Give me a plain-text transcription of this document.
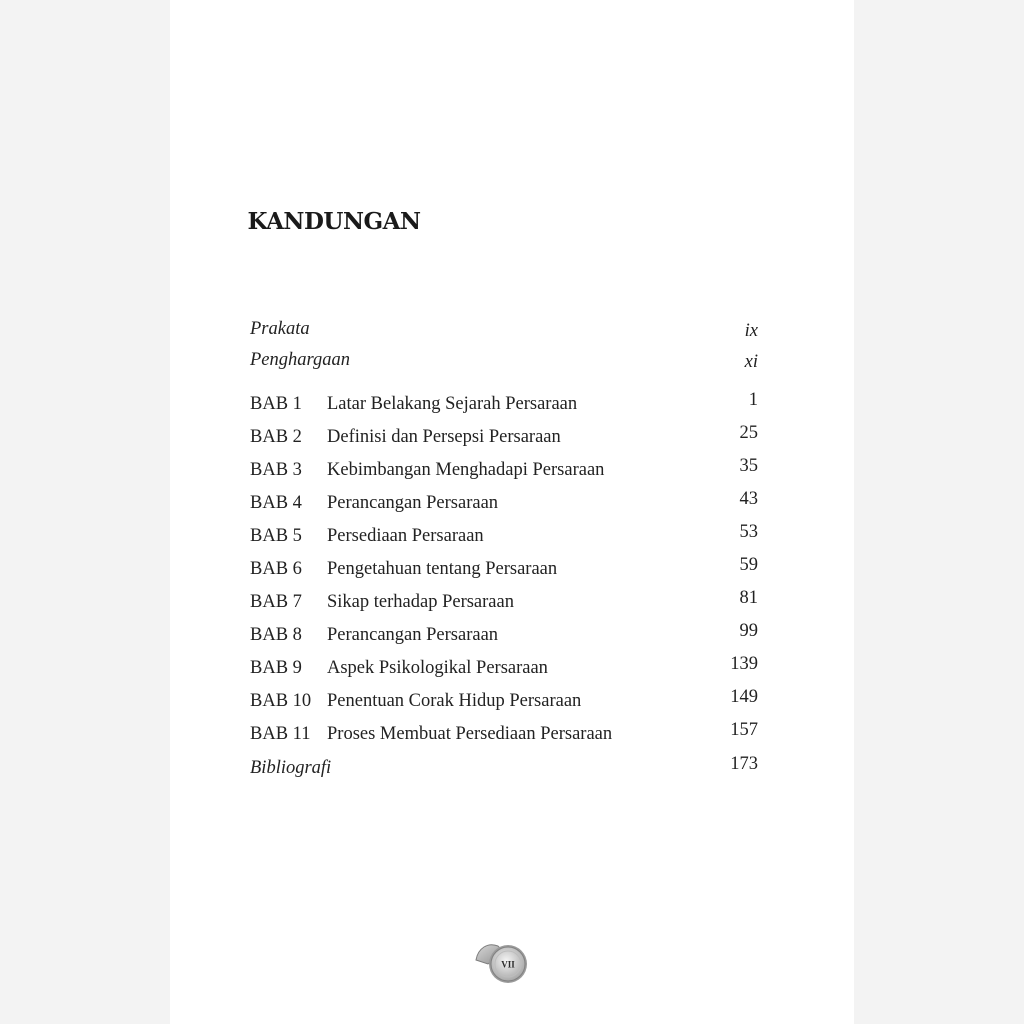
KANDUNGAN
Prakata	ix
Penghargaan	xi
BAB 1 Latar Belakang Sejarah Persaraan	1
BAB 2 Definisi dan Persepsi Persaraan	25
BAB 3 Kebimbangan Menghadapi Persaraan	35
BAB 4 Perancangan Persaraan	43
BAB 5 Persediaan Persaraan	53
BAB 6 Pengetahuan tentang Persaraan	59
BAB 7 Sikap terhadap Persaraan	81
BAB 8 Perancangan Persaraan	99
BAB 9 Aspek Psikologikal Persaraan	139
BAB 10 Penentuan Corak Hidup Persaraan	149
BAB 11 Proses Membuat Persediaan Persaraan	157
Bibliografi	173
VII
